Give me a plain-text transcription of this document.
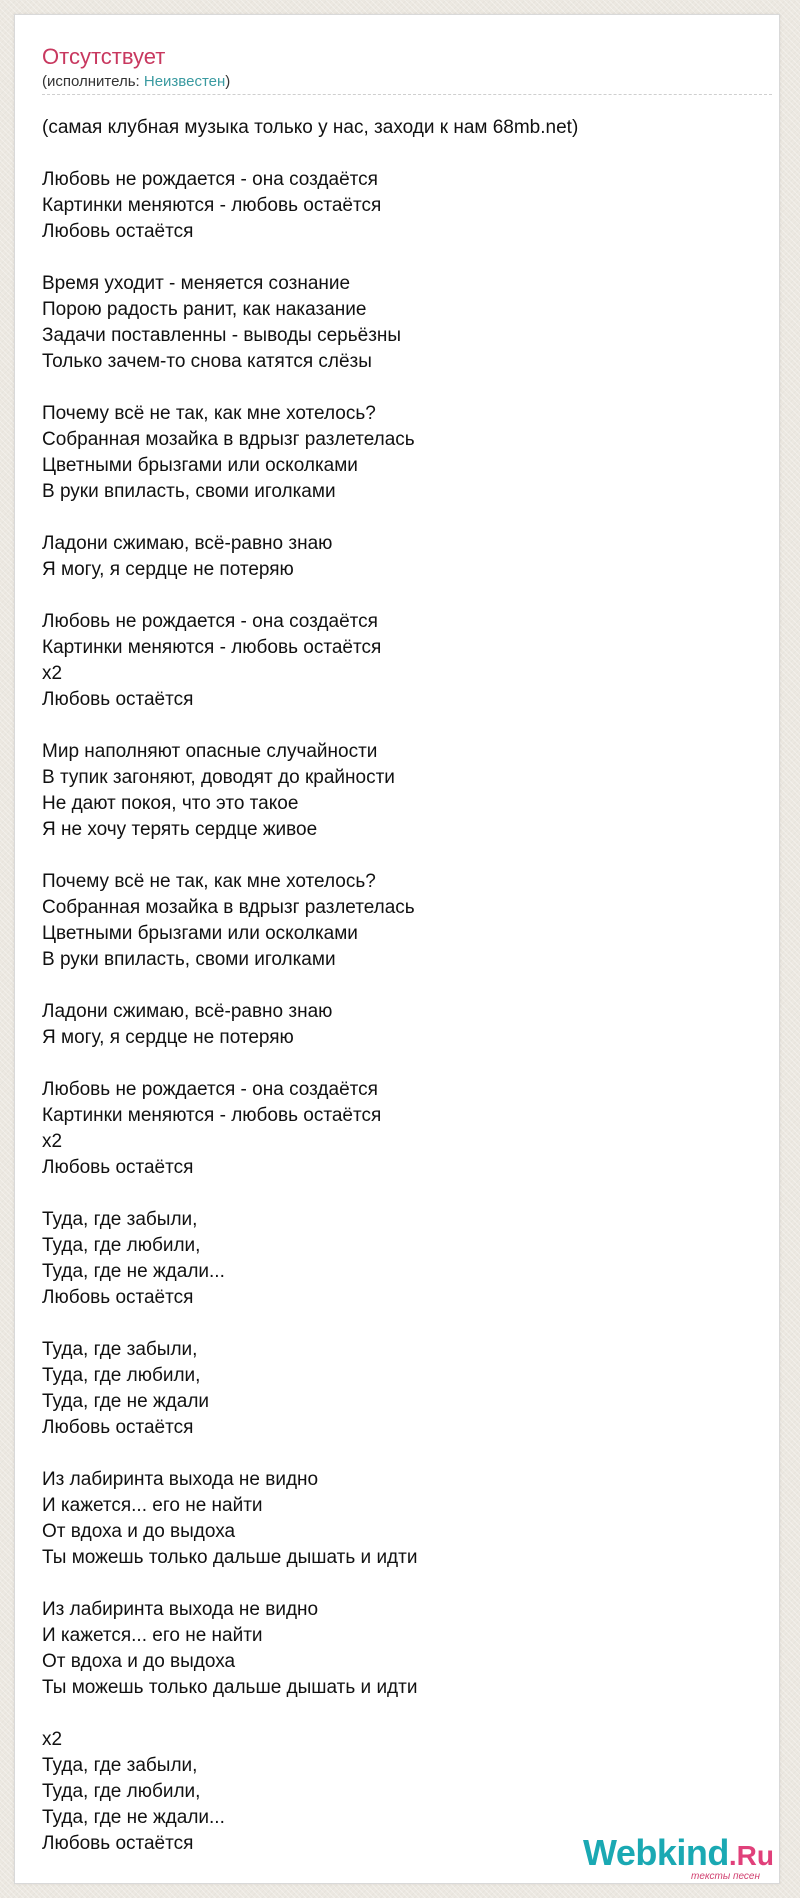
Отсутствует
(исполнитель: Неизвестен)
(самая клубная музыка только у нас, заходи к нам 68mb.net)

Любовь не рождается - она создаётся
Картинки меняются - любовь остаётся
Любовь остаётся

Время уходит - меняется сознание
Порою радость ранит, как наказание
Задачи поставленны - выводы серьёзны
Только зачем-то снова катятся слёзы

Почему всё не так, как мне хотелось?
Собранная мозайка в вдрызг разлетелась
Цветными брызгами или осколками
В руки впиласть, своми иголками

Ладони сжимаю, всё-равно знаю
Я могу, я сердце не потеряю

Любовь не рождается - она создаётся
Картинки меняются - любовь остаётся
х2
Любовь остаётся

Мир наполняют опасные случайности
В тупик загоняют, доводят до крайности
Не дают покоя, что это такое
Я не хочу терять сердце живое

Почему всё не так, как мне хотелось?
Собранная мозайка в вдрызг разлетелась
Цветными брызгами или осколками
В руки впиласть, своми иголками

Ладони сжимаю, всё-равно знаю
Я могу, я сердце не потеряю

Любовь не рождается - она создаётся
Картинки меняются - любовь остаётся
х2
Любовь остаётся

Туда, где забыли,
Туда, где любили,
Туда, где не ждали...
Любовь остаётся

Туда, где забыли,
Туда, где любили,
Туда, где не ждали
Любовь остаётся

Из лабиринта выхода не видно
И кажется... его не найти
От вдоха и до выдоха
Ты можешь только дальше дышать и идти

Из лабиринта выхода не видно
И кажется... его не найти
От вдоха и до выдоха
Ты можешь только дальше дышать и идти

х2
Туда, где забыли,
Туда, где любили,
Туда, где не ждали...
Любовь остаётся	Webkind.Ru
тексты песен
